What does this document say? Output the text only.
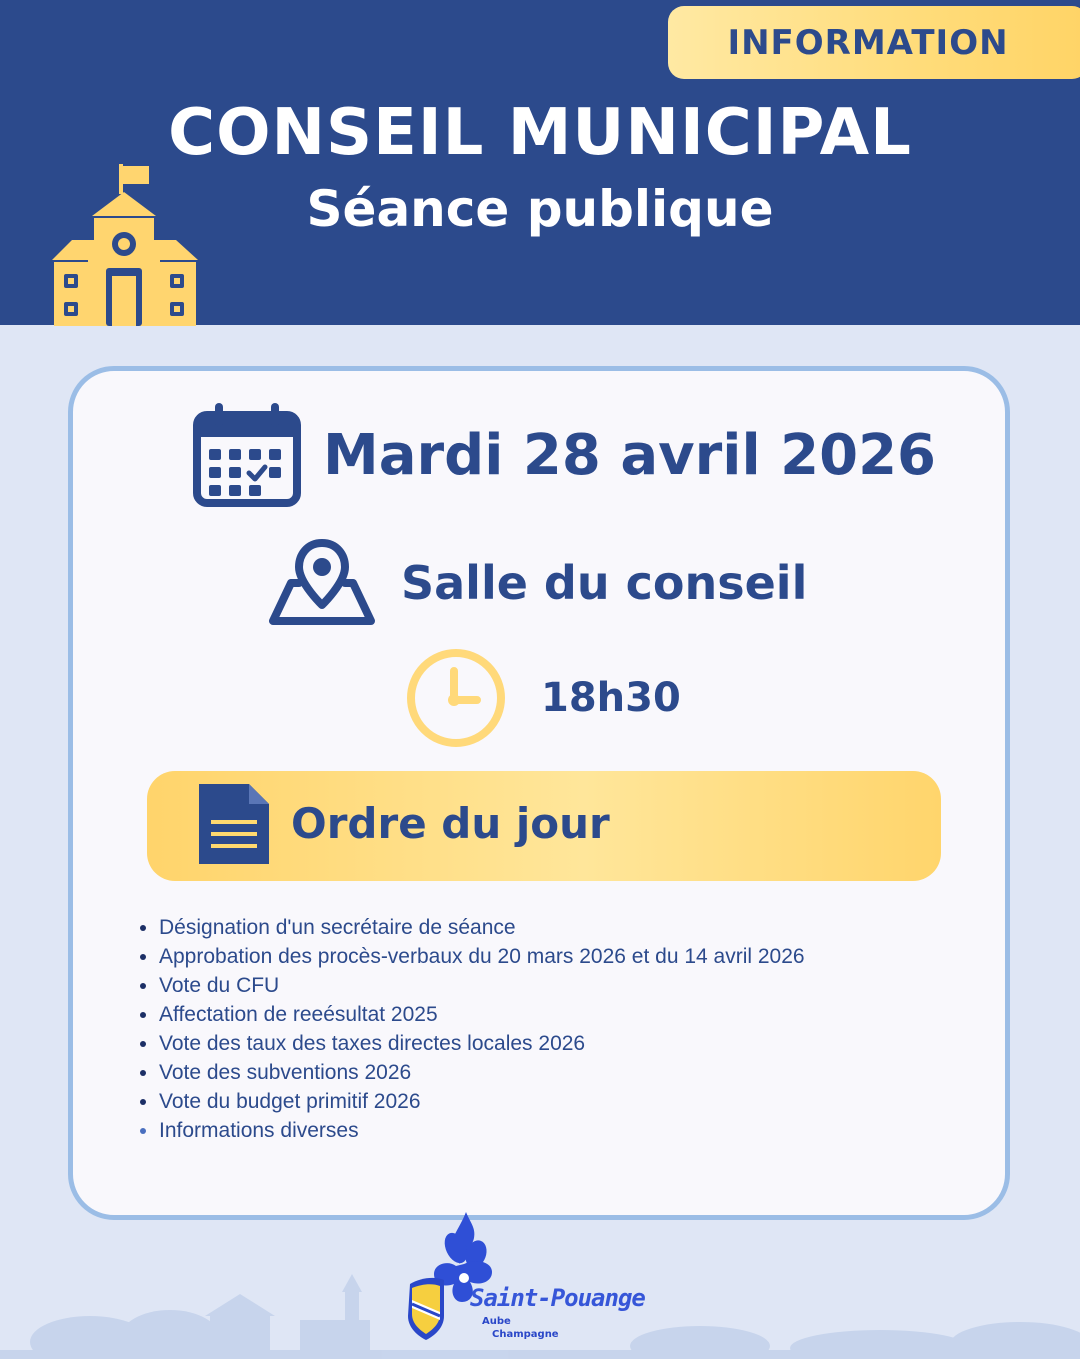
INFORMATION
CONSEIL MUNICIPAL
Séance publique
Mardi 28 avril 2026
Salle du conseil
18h30
Ordre du jour
• Désignation d'un secrétaire de séance
• Approbation des procès-verbaux du 20 mars 2026 et du 14 avril 2026
• Vote du CFU
• Affectation de reeésultat 2025
• Vote des taux des taxes directes locales 2026
• Vote des subventions 2026
• Vote du budget primitif 2026
• Informations diverses
Saint-Pouange
Aube
Champagne
